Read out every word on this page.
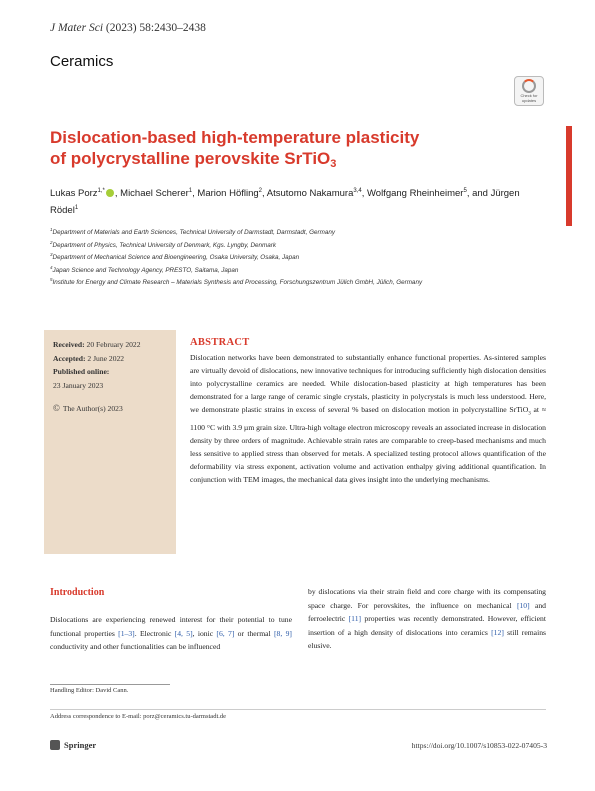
J Mater Sci (2023) 58:2430–2438
Ceramics
Check for updates
Dislocation-based high-temperature plasticity
of polycrystalline perovskite SrTiO$_3$
Lukas Porz$^{1,*}$ , Michael Scherer$^1$, Marion Höfling$^2$, Atsutomo Nakamura$^{3,4}$, Wolfgang Rheinheimer$^5$, and Jürgen Rödel$^1$
$^1$Department of Materials and Earth Sciences, Technical University of Darmstadt, Darmstadt, Germany
$^2$Department of Physics, Technical University of Denmark, Kgs. Lyngby, Denmark
$^3$Department of Mechanical Science and Bioengineering, Osaka University, Osaka, Japan
$^4$Japan Science and Technology Agency, PRESTO, Saitama, Japan
$^5$Institute for Energy and Climate Research – Materials Synthesis and Processing, Forschungszentrum Jülich GmbH, Jülich, Germany
Received: 20 February 2022
Accepted: 2 June 2022
Published online:
23 January 2023
© The Author(s) 2023
ABSTRACT
Dislocation networks have been demonstrated to substantially enhance functional properties. As-sintered samples are virtually devoid of dislocations, new innovative techniques for introducing sufficiently high dislocation densities into polycrystalline ceramics are needed. While dislocation-based plasticity at high temperatures has been demonstrated for a large range of ceramic single crystals, plasticity in polycrystals is much less understood. Here, we demonstrate plastic strains in excess of several % based on dislocation motion in polycrystalline SrTiO$_3$ at ≈ 1100 °C with 3.9 µm grain size. Ultra-high voltage electron microscopy reveals an associated increase in dislocation density by three orders of magnitude. Achievable strain rates are comparable to creep-based mechanisms and much less sensitive to applied stress than observed for metals. A specialized testing protocol allows quantification of the deformability via stress exponent, activation volume and activation enthalpy giving additional quantification. In conjunction with TEM images, the mechanical data gives insight into the underlying mechanisms.
Introduction
Dislocations are experiencing renewed interest for their potential to tune functional properties [1–3]. Electronic [4, 5], ionic [6, 7] or thermal [8, 9] conductivity and other functionalities can be influenced
by dislocations via their strain field and core charge with its compensating space charge. For perovskites, the influence on mechanical [10] and ferroelectric [11] properties was recently demonstrated. However, efficient insertion of a high density of dislocations into ceramics [12] still remains elusive.
Handling Editor: David Cann.
Address correspondence to E-mail: porz@ceramics.tu-darmstadt.de
Springer	https://doi.org/10.1007/s10853-022-07405-3
